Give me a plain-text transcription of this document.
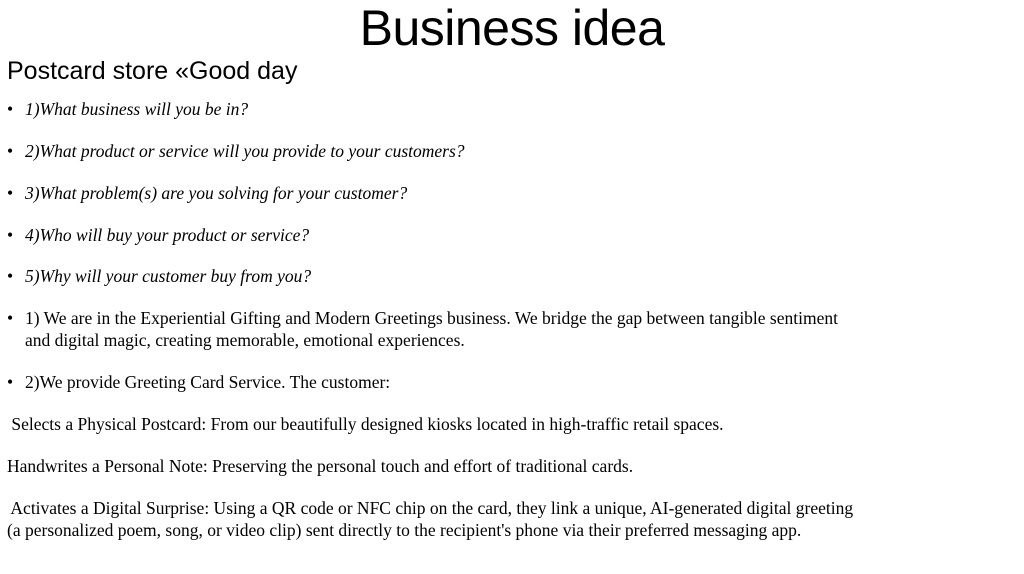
Business idea
Postcard store «Good day
• 1)What business will you be in?
• 2)What product or service will you provide to your customers?
• 3)What problem(s) are you solving for your customer?
• 4)Who will buy your product or service?
• 5)Why will your customer buy from you?
• 1) We are in the Experiential Gifting and Modern Greetings business. We bridge the gap between tangible sentiment
and digital magic, creating memorable, emotional experiences.
• 2)We provide Greeting Card Service. The customer:
Selects a Physical Postcard: From our beautifully designed kiosks located in high-traffic retail spaces.
Handwrites a Personal Note: Preserving the personal touch and effort of traditional cards.
Activates a Digital Surprise: Using a QR code or NFC chip on the card, they link a unique, AI-generated digital greeting
(a personalized poem, song, or video clip) sent directly to the recipient's phone via their preferred messaging app.
